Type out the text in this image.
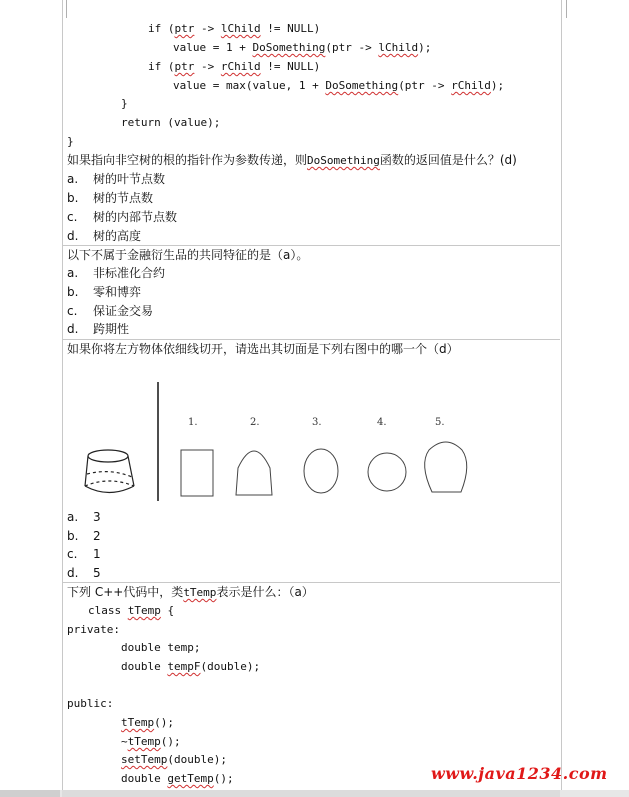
if (ptr -> lChild != NULL)
value = 1 + DoSomething(ptr -> lChild);
if (ptr -> rChild != NULL)
value = max(value, 1 + DoSomething(ptr -> rChild);
}
return (value);
}
如果指向非空树的根的指针作为参数传递，则DoSomething函数的返回值是什么？(d)
a. 树的叶节点数
b. 树的节点数
c. 树的内部节点数
d. 树的高度
以下不属于金融衍生品的共同特征的是（a）。
a. 非标准化合约
b. 零和博弈
c. 保证金交易
d. 跨期性
如果你将左方物体依细线切开，请选出其切面是下列右图中的哪一个（d）
1.	2.	3.	4.	5.
a. 3
b. 2
c. 1
d. 5
下列 C++代码中，类tTemp表示是什么：（a）
class tTemp {
private:
double temp;
double tempF(double);
public:
tTemp();
~tTemp();
setTemp(double);
double getTemp();	www.java1234.com
